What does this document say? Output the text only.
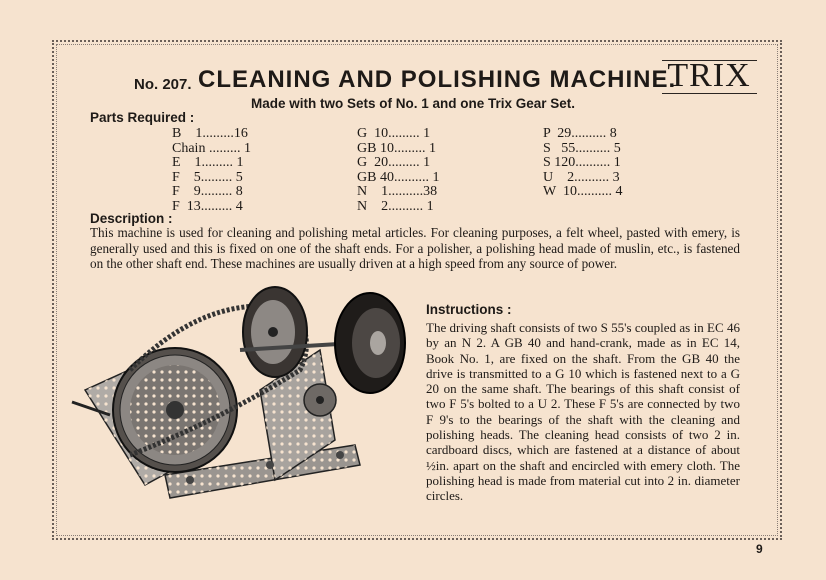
No. 207. CLEANING AND POLISHING MACHINE.
TRIX
Made with two Sets of No. 1 and one Trix Gear Set.
Parts Required :
B    1.........16
Chain ......... 1
E    1......... 1
F    5......... 5
F    9......... 8
F  13......... 4
G  10......... 1
GB 10......... 1
G  20......... 1
GB 40.......... 1
N    1..........38
N    2.......... 1
P  29.......... 8
S   55.......... 5
S 120.......... 1
U    2.......... 3
W  10.......... 4
Description :
This machine is used for cleaning and polishing metal articles. For cleaning purposes, a felt wheel, pasted with emery, is generally used and this is fixed on one of the shaft ends. For a polisher, a polishing head made of muslin, etc., is fastened on the other shaft end. These machines are usually driven at a high speed from any source of power.
Instructions :
The driving shaft consists of two S 55's coupled as in EC 46 by an N 2. A GB 40 and hand-crank, made as in EC 14, Book No. 1, are fixed on the shaft. From the GB 40 the drive is transmitted to a G 10 which is fastened next to a G 20 on the same shaft. The bearings of this shaft consist of two F 5's bolted to a U 2. These F 5's are connected by two F 9's to the bearings of the shaft with the cleaning and polishing heads. The cleaning head consists of two 2 in. cardboard discs, which are fastened at a distance of about ½in. apart on the shaft and encircled with emery cloth. The polishing head is made from material cut into 2 in. diameter circles.
9
